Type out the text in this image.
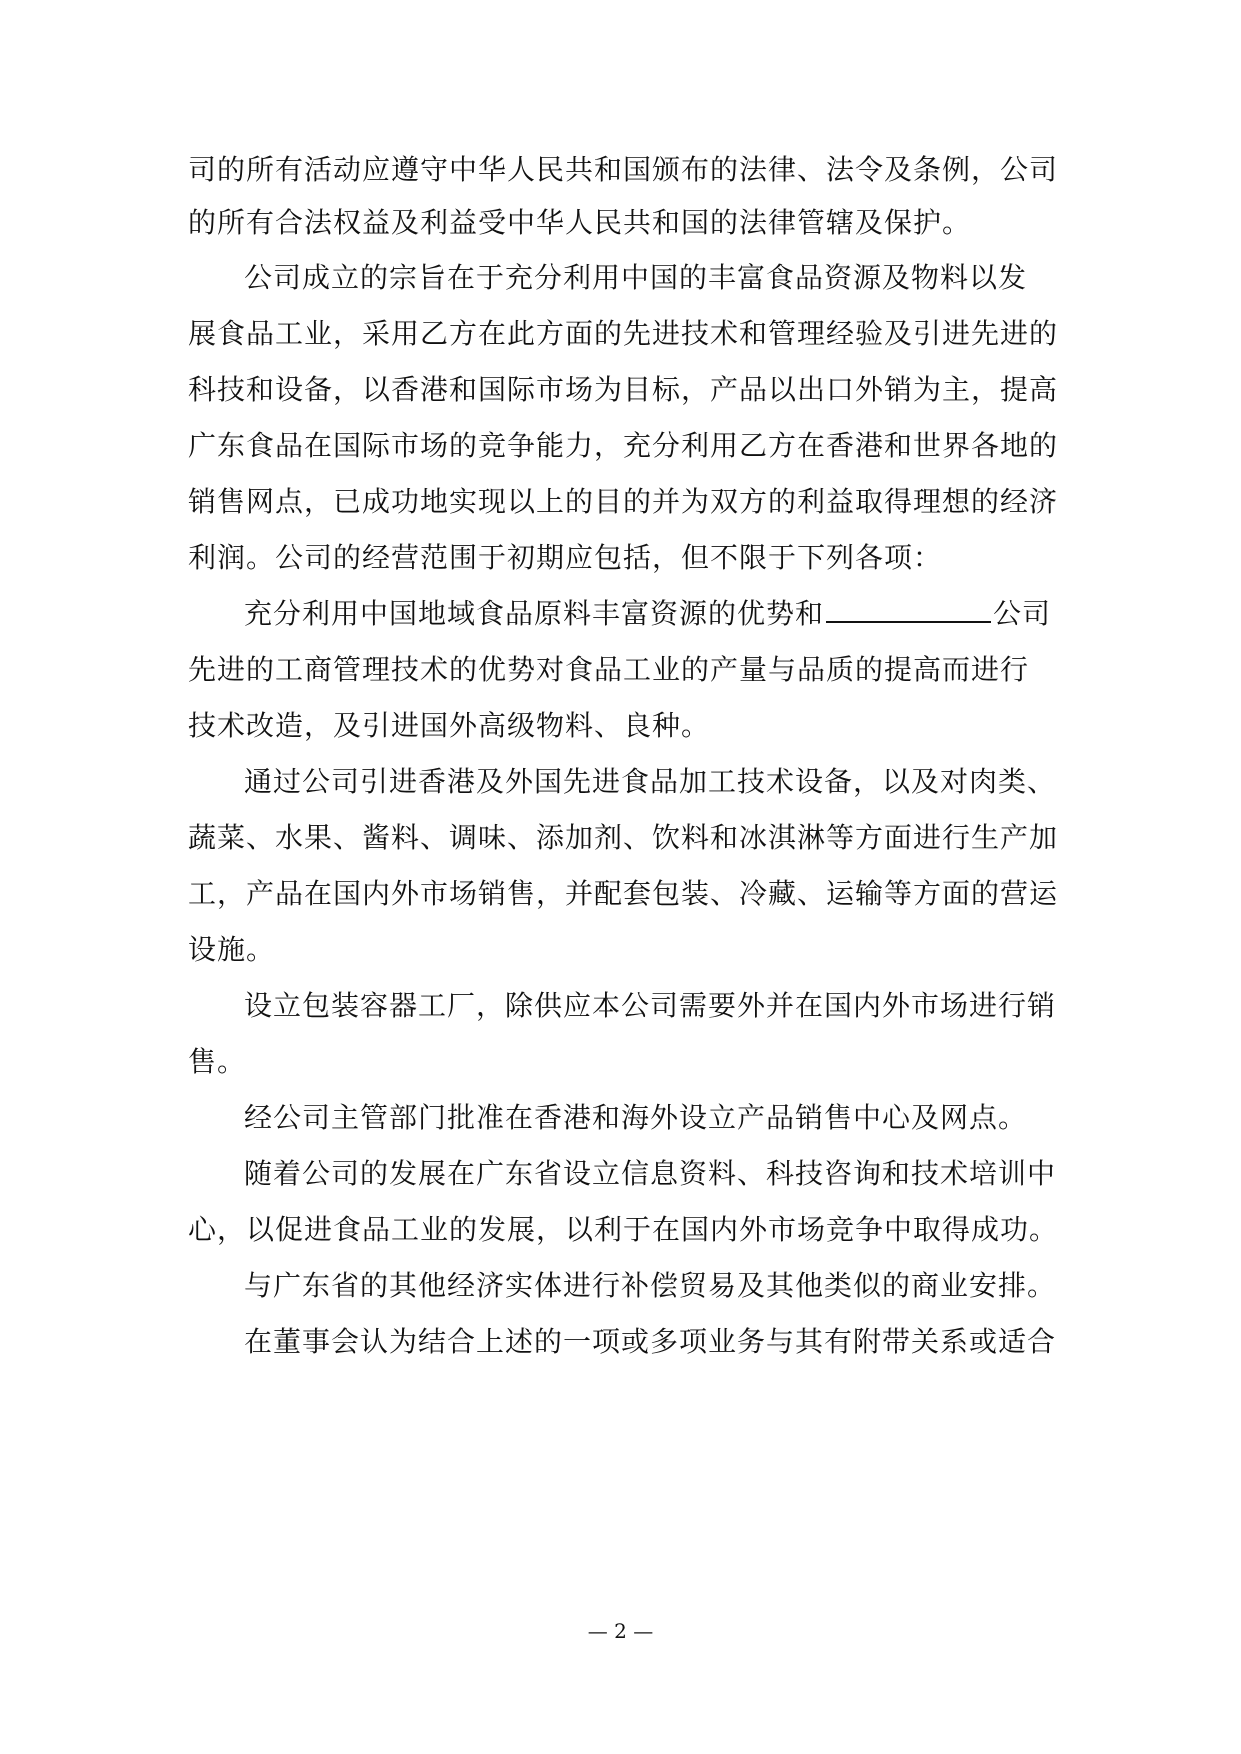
司的所有活动应遵守中华人民共和国颁布的法律、法令及条例，公司
的所有合法权益及利益受中华人民共和国的法律管辖及保护。
公司成立的宗旨在于充分利用中国的丰富食品资源及物料以发
展食品工业，采用乙方在此方面的先进技术和管理经验及引进先进的
科技和设备，以香港和国际市场为目标，产品以出口外销为主，提高
广东食品在国际市场的竞争能力，充分利用乙方在香港和世界各地的
销售网点，已成功地实现以上的目的并为双方的利益取得理想的经济
利润。公司的经营范围于初期应包括，但不限于下列各项：
充分利用中国地域食品原料丰富资源的优势和	公司
先进的工商管理技术的优势对食品工业的产量与品质的提高而进行
技术改造，及引进国外高级物料、良种。
通过公司引进香港及外国先进食品加工技术设备，以及对肉类、
蔬菜、水果、酱料、调味、添加剂、饮料和冰淇淋等方面进行生产加
工，产品在国内外市场销售，并配套包装、冷藏、运输等方面的营运
设施。
设立包装容器工厂，除供应本公司需要外并在国内外市场进行销
售。
经公司主管部门批准在香港和海外设立产品销售中心及网点。
随着公司的发展在广东省设立信息资料、科技咨询和技术培训中
心，以促进食品工业的发展，以利于在国内外市场竞争中取得成功。
与广东省的其他经济实体进行补偿贸易及其他类似的商业安排。
在董事会认为结合上述的一项或多项业务与其有附带关系或适合
— 2 —
